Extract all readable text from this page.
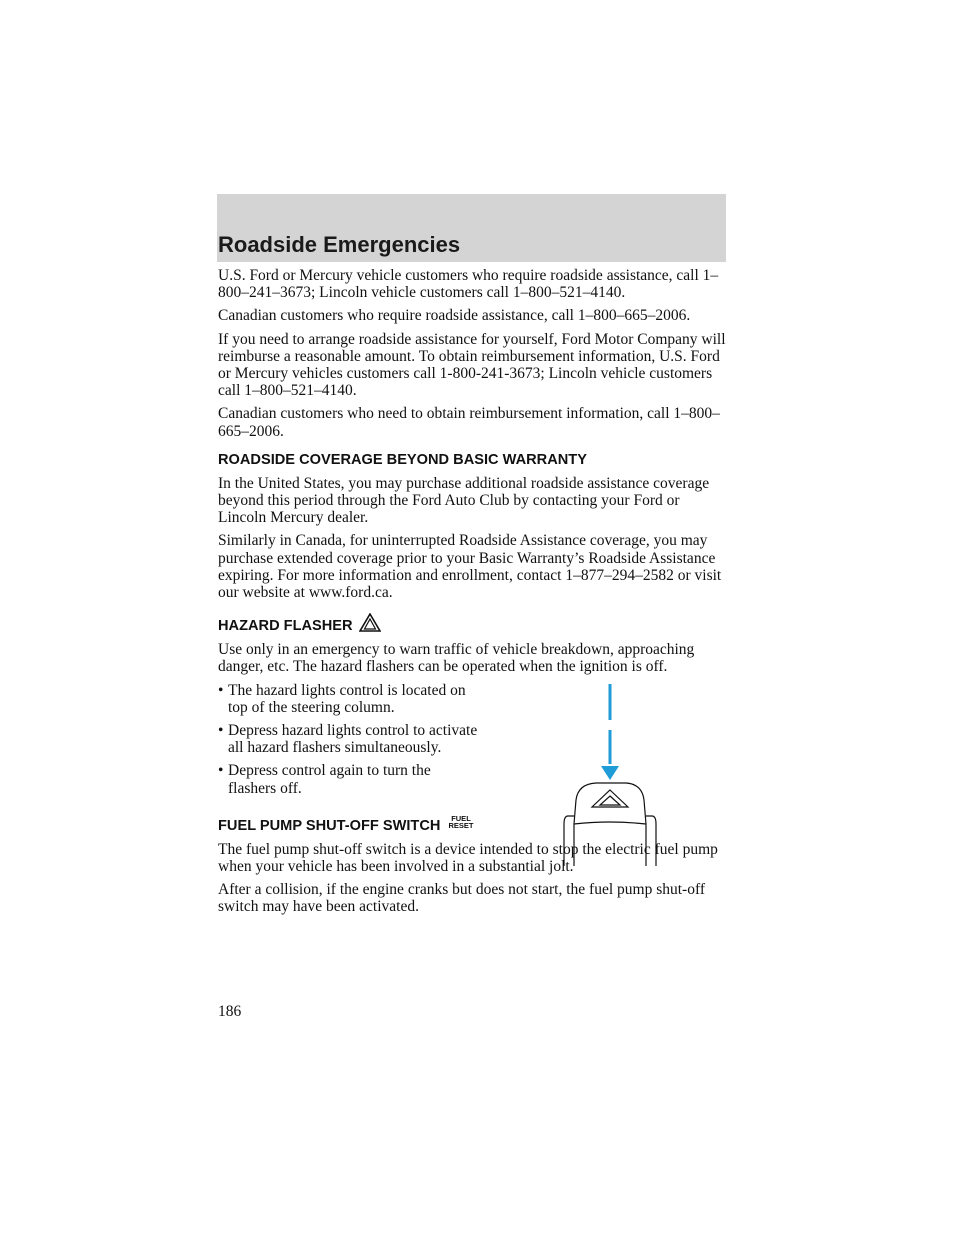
Roadside Emergencies

U.S. Ford or Mercury vehicle customers who require roadside assistance, call 1–800–241–3673; Lincoln vehicle customers call 1–800–521–4140.

Canadian customers who require roadside assistance, call 1–800–665–2006.

If you need to arrange roadside assistance for yourself, Ford Motor Company will reimburse a reasonable amount. To obtain reimbursement information, U.S. Ford or Mercury vehicles customers call 1-800-241-3673; Lincoln vehicle customers call 1–800–521–4140.

Canadian customers who need to obtain reimbursement information, call 1–800–665–2006.

ROADSIDE COVERAGE BEYOND BASIC WARRANTY

In the United States, you may purchase additional roadside assistance coverage beyond this period through the Ford Auto Club by contacting your Ford or Lincoln Mercury dealer.

Similarly in Canada, for uninterrupted Roadside Assistance coverage, you may purchase extended coverage prior to your Basic Warranty’s Roadside Assistance expiring. For more information and enrollment, contact 1–877–294–2582 or visit our website at www.ford.ca.

HAZARD FLASHER

Use only in an emergency to warn traffic of vehicle breakdown, approaching danger, etc. The hazard flashers can be operated when the ignition is off.

• The hazard lights control is located on top of the steering column.
• Depress hazard lights control to activate all hazard flashers simultaneously.
• Depress control again to turn the flashers off.
FUEL PUMP SHUT-OFF SWITCH	FUEL
RESET

The fuel pump shut-off switch is a device intended to stop the electric fuel pump when your vehicle has been involved in a substantial jolt.

After a collision, if the engine cranks but does not start, the fuel pump shut-off switch may have been activated.

186
